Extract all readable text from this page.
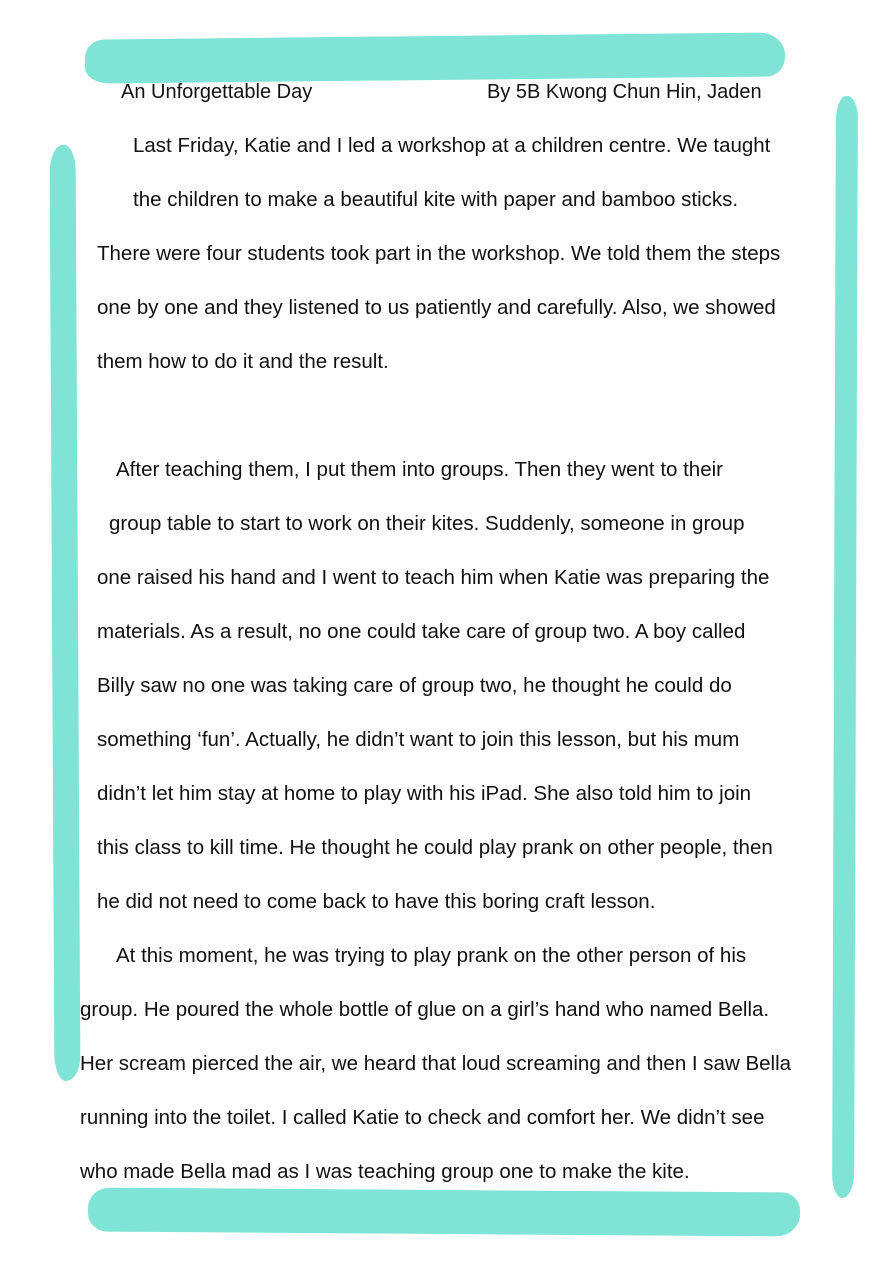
An Unforgettable Day	By 5B Kwong Chun Hin, Jaden
Last Friday, Katie and I led a workshop at a children centre. We taught
the children to make a beautiful kite with paper and bamboo sticks.
There were four students took part in the workshop. We told them the steps
one by one and they listened to us patiently and carefully. Also, we showed
them how to do it and the result.
After teaching them, I put them into groups. Then they went to their
group table to start to work on their kites. Suddenly, someone in group
one raised his hand and I went to teach him when Katie was preparing the
materials. As a result, no one could take care of group two. A boy called
Billy saw no one was taking care of group two, he thought he could do
something ‘fun’. Actually, he didn’t want to join this lesson, but his mum
didn’t let him stay at home to play with his iPad. She also told him to join
this class to kill time. He thought he could play prank on other people, then
he did not need to come back to have this boring craft lesson.
At this moment, he was trying to play prank on the other person of his
group. He poured the whole bottle of glue on a girl’s hand who named Bella.
Her scream pierced the air, we heard that loud screaming and then I saw Bella
running into the toilet. I called Katie to check and comfort her. We didn’t see
who made Bella mad as I was teaching group one to make the kite.
